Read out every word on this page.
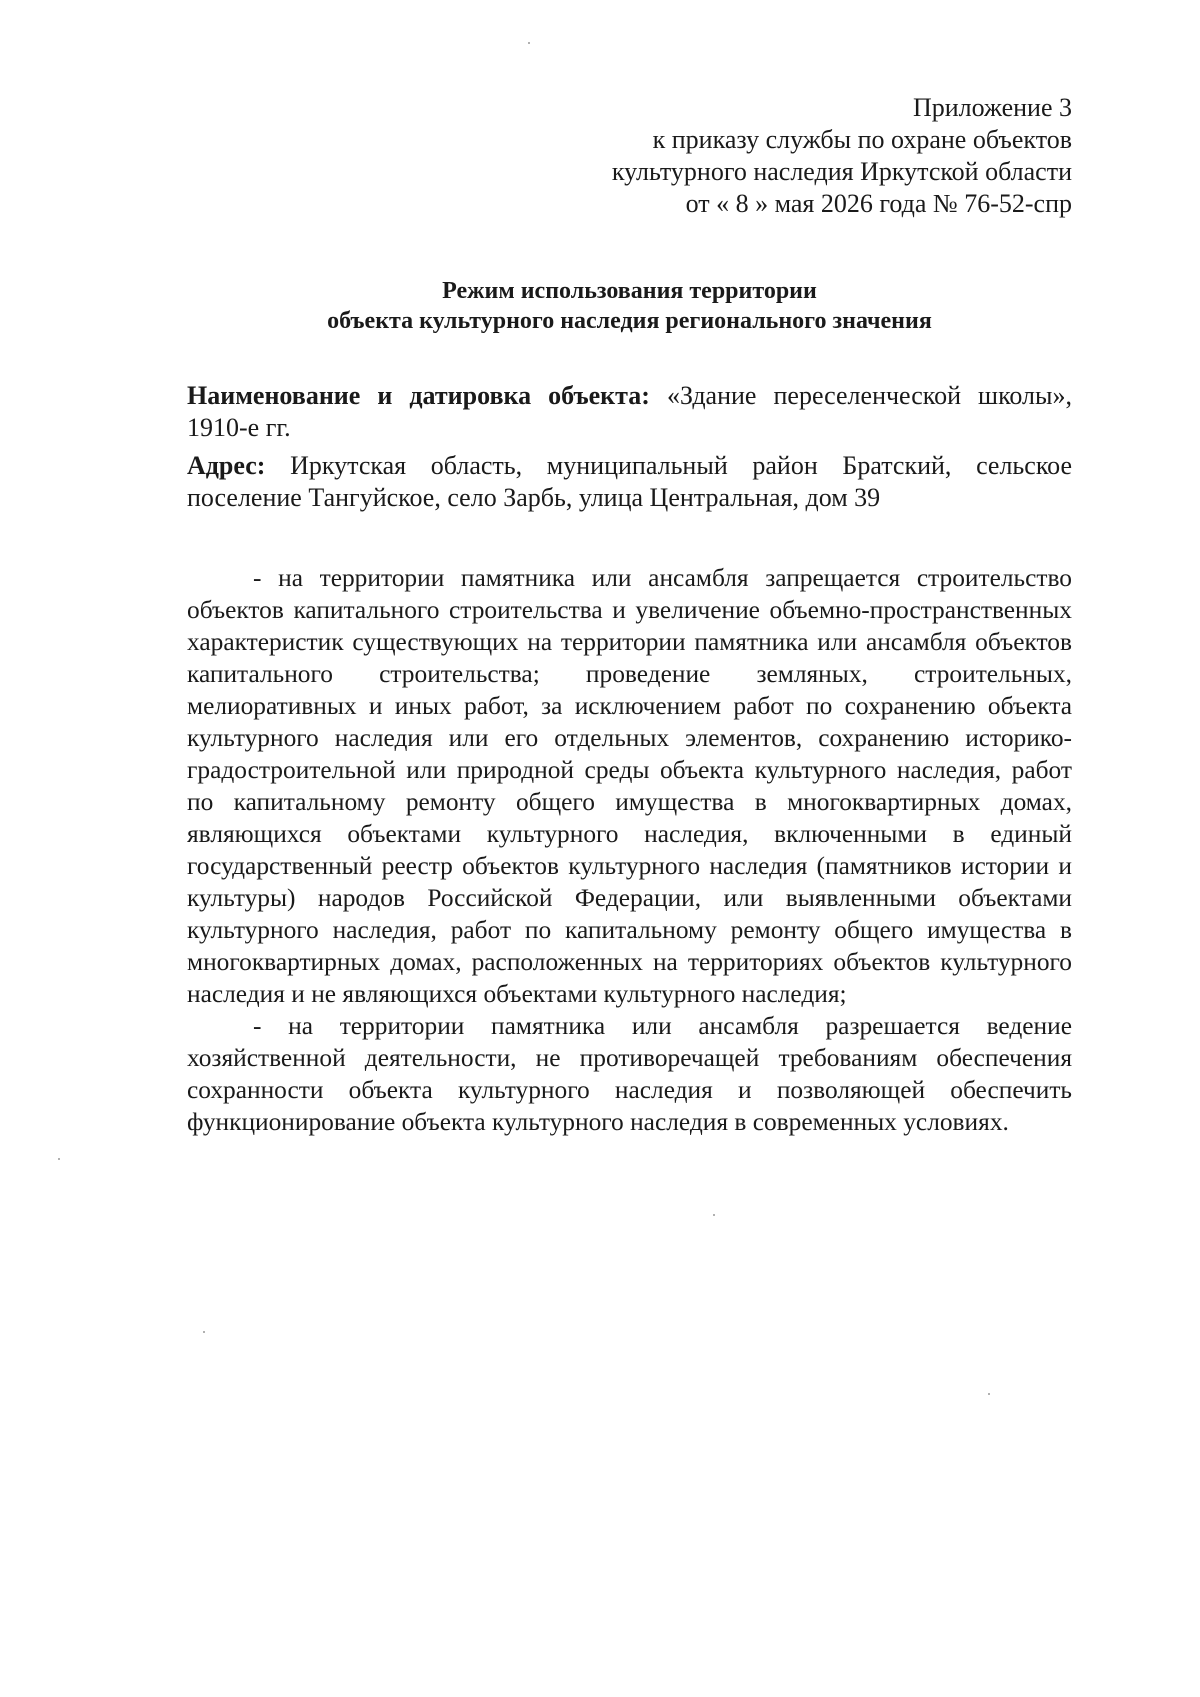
Приложение 3
к приказу службы по охране объектов
культурного наследия Иркутской области
от « 8 » мая 2026 года № 76-52-спр
Режим использования территории
объекта культурного наследия регионального значения

Наименование и датировка объекта: «Здание переселенческой школы», 1910-е гг.

Адрес: Иркутская область, муниципальный район Братский, сельское поселение Тангуйское, село Зарбь, улица Центральная, дом 39

- на территории памятника или ансамбля запрещается строительство объектов капитального строительства и увеличение объемно-пространственных характеристик существующих на территории памятника или ансамбля объектов капитального строительства; проведение земляных, строительных, мелиоративных и иных работ, за исключением работ по сохранению объекта культурного наследия или его отдельных элементов, сохранению историко-градостроительной или природной среды объекта культурного наследия, работ по капитальному ремонту общего имущества в многоквартирных домах, являющихся объектами культурного наследия, включенными в единый государственный реестр объектов культурного наследия (памятников истории и культуры) народов Российской Федерации, или выявленными объектами культурного наследия, работ по капитальному ремонту общего имущества в многоквартирных домах, расположенных на территориях объектов культурного наследия и не являющихся объектами культурного наследия;

- на территории памятника или ансамбля разрешается ведение хозяйственной деятельности, не противоречащей требованиям обеспечения сохранности объекта культурного наследия и позволяющей обеспечить функционирование объекта культурного наследия в современных условиях.
